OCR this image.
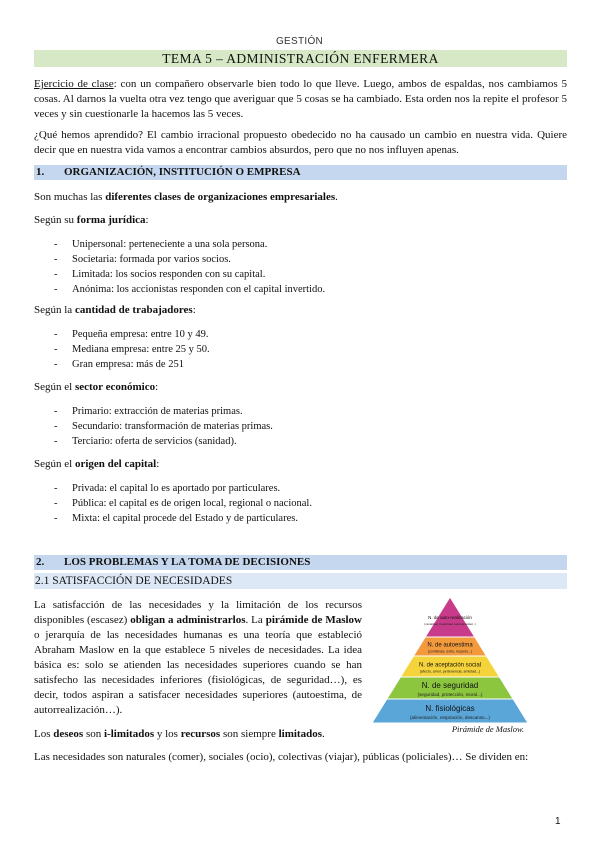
GESTIÓN
TEMA 5 – ADMINISTRACIÓN ENFERMERA
Ejercicio de clase: con un compañero observarle bien todo lo que lleve. Luego, ambos de espaldas, nos cambiamos 5 cosas. Al darnos la vuelta otra vez tengo que averiguar que 5 cosas se ha cambiado. Esta orden nos la repite el profesor 5 veces y sin cuestionarle la hacemos las 5 veces.
¿Qué hemos aprendido? El cambio irracional propuesto obedecido no ha causado un cambio en nuestra vida. Quiere decir que en nuestra vida vamos a encontrar cambios absurdos, pero que no nos influyen apenas.
1. ORGANIZACIÓN, INSTITUCIÓN O EMPRESA
Son muchas las diferentes clases de organizaciones empresariales.
Según su forma jurídica:
- Unipersonal: perteneciente a una sola persona.
- Societaria: formada por varios socios.
- Limitada: los socios responden con su capital.
- Anónima: los accionistas responden con el capital invertido.
Según la cantidad de trabajadores:
- Pequeña empresa: entre 10 y 49.
- Mediana empresa: entre 25 y 50.
- Gran empresa: más de 251
Según el sector económico:
- Primario: extracción de materias primas.
- Secundario: transformación de materias primas.
- Terciario: oferta de servicios (sanidad).
Según el origen del capital:
- Privada: el capital lo es aportado por particulares.
- Pública: el capital es de origen local, regional o nacional.
- Mixta: el capital procede del Estado y de particulares.
2. LOS PROBLEMAS Y LA TOMA DE DECISIONES
2.1 SATISFACCIÓN DE NECESIDADES
La satisfacción de las necesidades y la limitación de los recursos disponibles (escasez) obligan a administrarlos. La pirámide de Maslow o jerarquía de las necesidades humanas es una teoría que estableció Abraham Maslow en la que establece 5 niveles de necesidades. La idea básica es: solo se atienden las necesidades superiores cuando se han satisfecho las necesidades inferiores (fisiológicas, de seguridad…), es decir, todos aspiran a satisfacer necesidades superiores (autoestima, de autorrealización…).
Los deseos son i-limitados y los recursos son siempre limitados.
Las necesidades son naturales (comer), sociales (ocio), colectivas (viajar), públicas (policiales)… Se dividen en:
N. fisiológicas
(alimentación, respiración, descanso...)
N. de seguridad
(seguridad, protección, moral...)
N. de aceptación social
(afecto, amor, pertenencia, amistad...)
N. de autoestima
(confianza, éxito, respeto...)
N. de auto-realización
(moralidad, creatividad, espontaneidad...)
Pirámide de Maslow.
1
